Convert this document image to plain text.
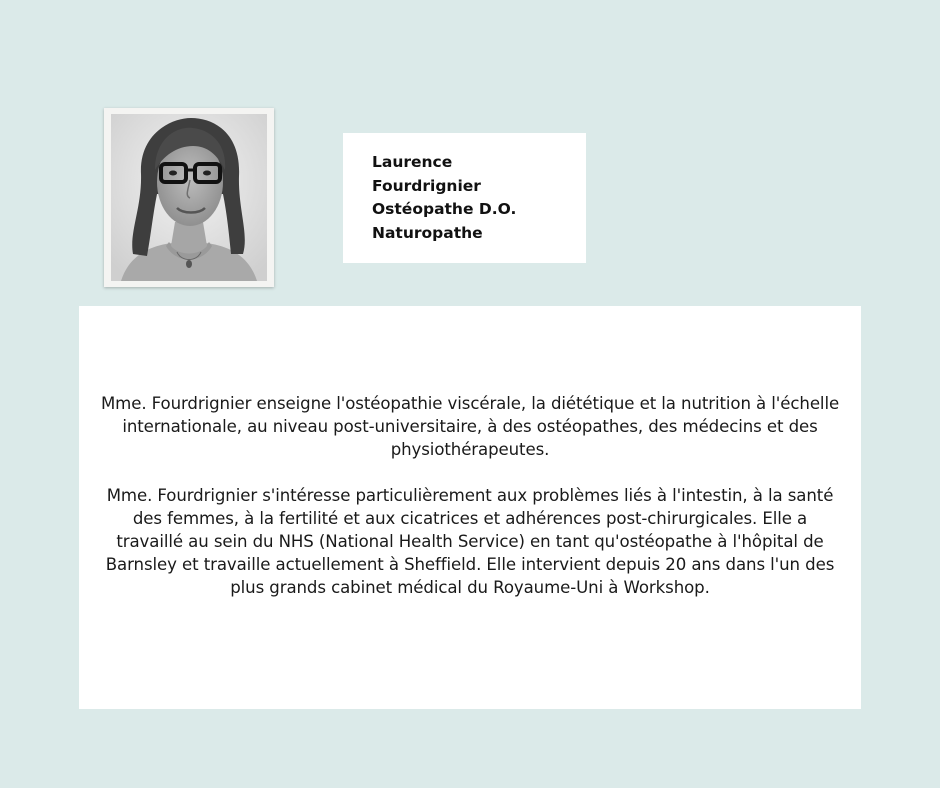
Laurence
Fourdrignier
Ostéopathe D.O.
Naturopathe

Mme. Fourdrignier enseigne l'ostéopathie viscérale, la diététique et la nutrition à l'échelle internationale, au niveau post-universitaire, à des ostéopathes, des médecins et des physiothérapeutes.

Mme. Fourdrignier s'intéresse particulièrement aux problèmes liés à l'intestin, à la santé des femmes, à la fertilité et aux cicatrices et adhérences post-chirurgicales. Elle a travaillé au sein du NHS (National Health Service) en tant qu'ostéopathe à l'hôpital de Barnsley et travaille actuellement à Sheffield. Elle intervient depuis 20 ans dans l'un des plus grands cabinet médical du Royaume-Uni à Workshop.
